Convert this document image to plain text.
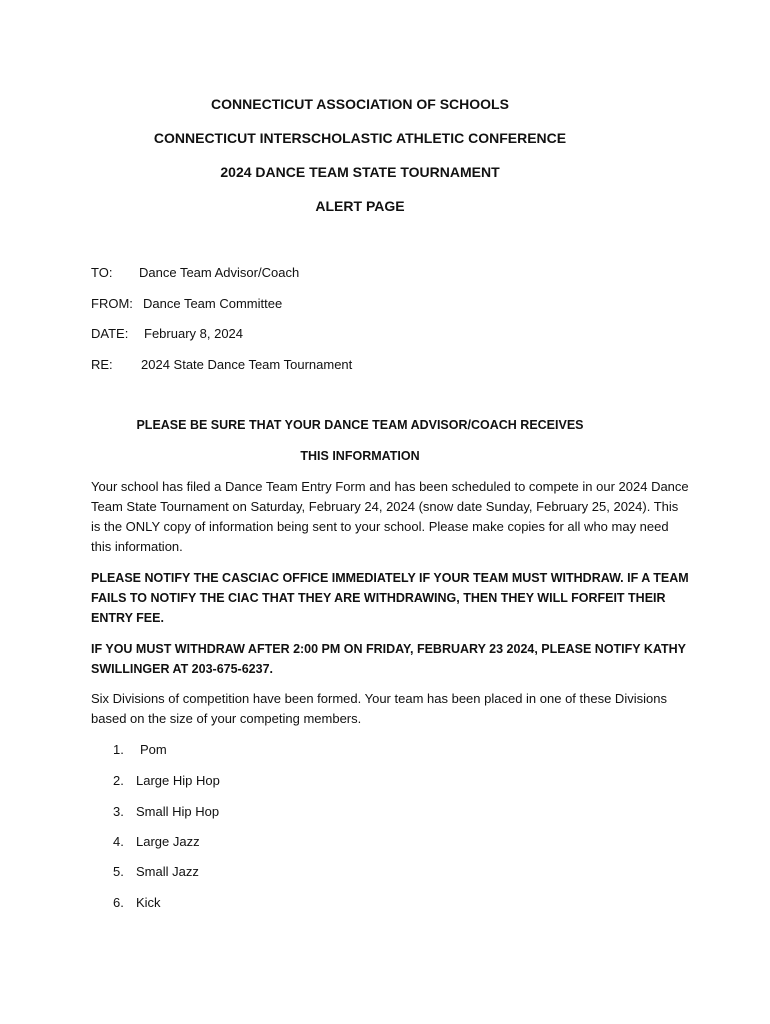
CONNECTICUT ASSOCIATION OF SCHOOLS
CONNECTICUT INTERSCHOLASTIC ATHLETIC CONFERENCE
2024 DANCE TEAM STATE TOURNAMENT
ALERT PAGE
TO: Dance Team Advisor/Coach
FROM: Dance Team Committee
DATE: February 8, 2024
RE: 2024 State Dance Team Tournament
PLEASE BE SURE THAT YOUR DANCE TEAM ADVISOR/COACH RECEIVES
THIS INFORMATION
Your school has filed a Dance Team Entry Form and has been scheduled to compete in our 2024 Dance Team State Tournament on Saturday, February 24, 2024 (snow date Sunday, February 25, 2024). This is the ONLY copy of information being sent to your school. Please make copies for all who may need this information.
PLEASE NOTIFY THE CASCIAC OFFICE IMMEDIATELY IF YOUR TEAM MUST WITHDRAW. IF A TEAM FAILS TO NOTIFY THE CIAC THAT THEY ARE WITHDRAWING, THEN THEY WILL FORFEIT THEIR ENTRY FEE.
IF YOU MUST WITHDRAW AFTER 2:00 PM ON FRIDAY, FEBRUARY 23 2024, PLEASE NOTIFY KATHY SWILLINGER AT 203-675-6237.
Six Divisions of competition have been formed. Your team has been placed in one of these Divisions based on the size of your competing members.
1. Pom
2. Large Hip Hop
3. Small Hip Hop
4. Large Jazz
5. Small Jazz
6. Kick
